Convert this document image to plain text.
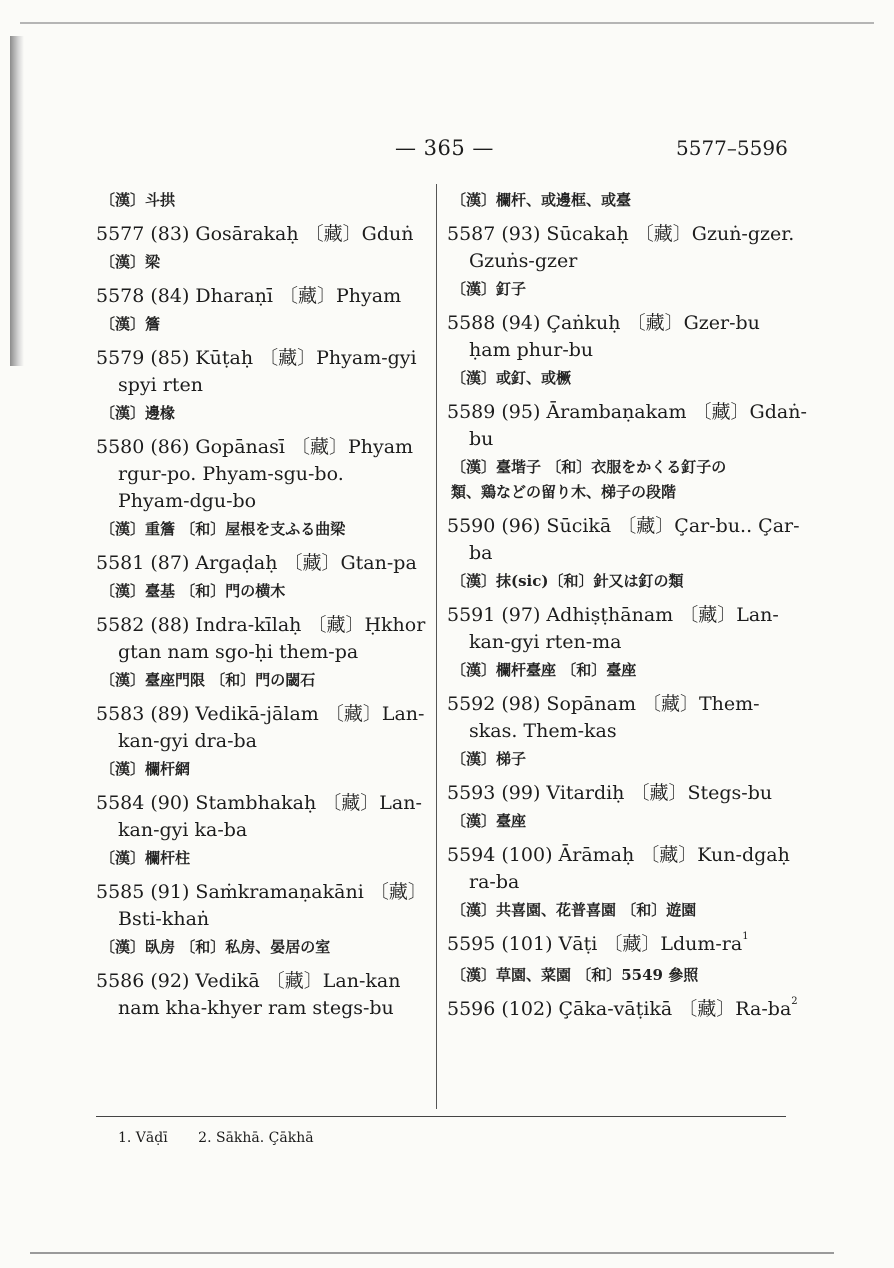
— 365 —	5577–5596
〔漢〕斗拱
5577 (83) Gosārakaḥ 〔藏〕Gduṅ
〔漢〕梁
5578 (84) Dharaṇī 〔藏〕Phyam
〔漢〕簷
5579 (85) Kūṭaḥ 〔藏〕Phyam-gyi
spyi rten
〔漢〕邊椽
5580 (86) Gopānasī 〔藏〕Phyam
rgur-po. Phyam-sgu-bo.
Phyam-dgu-bo
〔漢〕重簷 〔和〕屋根を支ふる曲梁
5581 (87) Argaḍaḥ 〔藏〕Gtan-pa
〔漢〕臺基 〔和〕門の横木
5582 (88) Indra-kīlaḥ 〔藏〕Ḥkhor
gtan nam sgo-ḥi them-pa
〔漢〕臺座門限 〔和〕門の閾石
5583 (89) Vedikā-jālam 〔藏〕Lan-
kan-gyi dra-ba
〔漢〕欄杆網
5584 (90) Stambhakaḥ 〔藏〕Lan-
kan-gyi ka-ba
〔漢〕欄杆柱
5585 (91) Saṁkramaṇakāni 〔藏〕
Bsti-khaṅ
〔漢〕臥房 〔和〕私房、晏居の室
5586 (92) Vedikā 〔藏〕Lan-kan
nam kha-khyer ram stegs-bu
〔漢〕欄杆、或邊框、或臺
5587 (93) Sūcakaḥ 〔藏〕Gzuṅ-gzer.
Gzuṅs-gzer
〔漢〕釘子
5588 (94) Çaṅkuḥ 〔藏〕Gzer-bu
ḥam phur-bu
〔漢〕或釘、或橛
5589 (95) Ārambaṇakam 〔藏〕Gdaṅ-
bu
〔漢〕臺堦子 〔和〕衣服をかくる釘子の
類、鶏などの留り木、梯子の段階
5590 (96) Sūcikā 〔藏〕Çar-bu.. Çar-
ba
〔漢〕抹(sic)〔和〕針又は釘の類
5591 (97) Adhiṣṭhānam 〔藏〕Lan-
kan-gyi rten-ma
〔漢〕欄杆臺座 〔和〕臺座
5592 (98) Sopānam 〔藏〕Them-
skas. Them-kas
〔漢〕梯子
5593 (99) Vitardiḥ 〔藏〕Stegs-bu
〔漢〕臺座
5594 (100) Ārāmaḥ 〔藏〕Kun-dgaḥ
ra-ba
〔漢〕共喜園、花普喜園 〔和〕遊園
5595 (101) Vāṭi 〔藏〕Ldum-$ra^1$
〔漢〕草園、菜園 〔和〕5549 參照
5596 (102) Çāka-vāṭikā 〔藏〕$Ra-ba^2$
1. Vāḍī 2. Sākhā. Çākhā
